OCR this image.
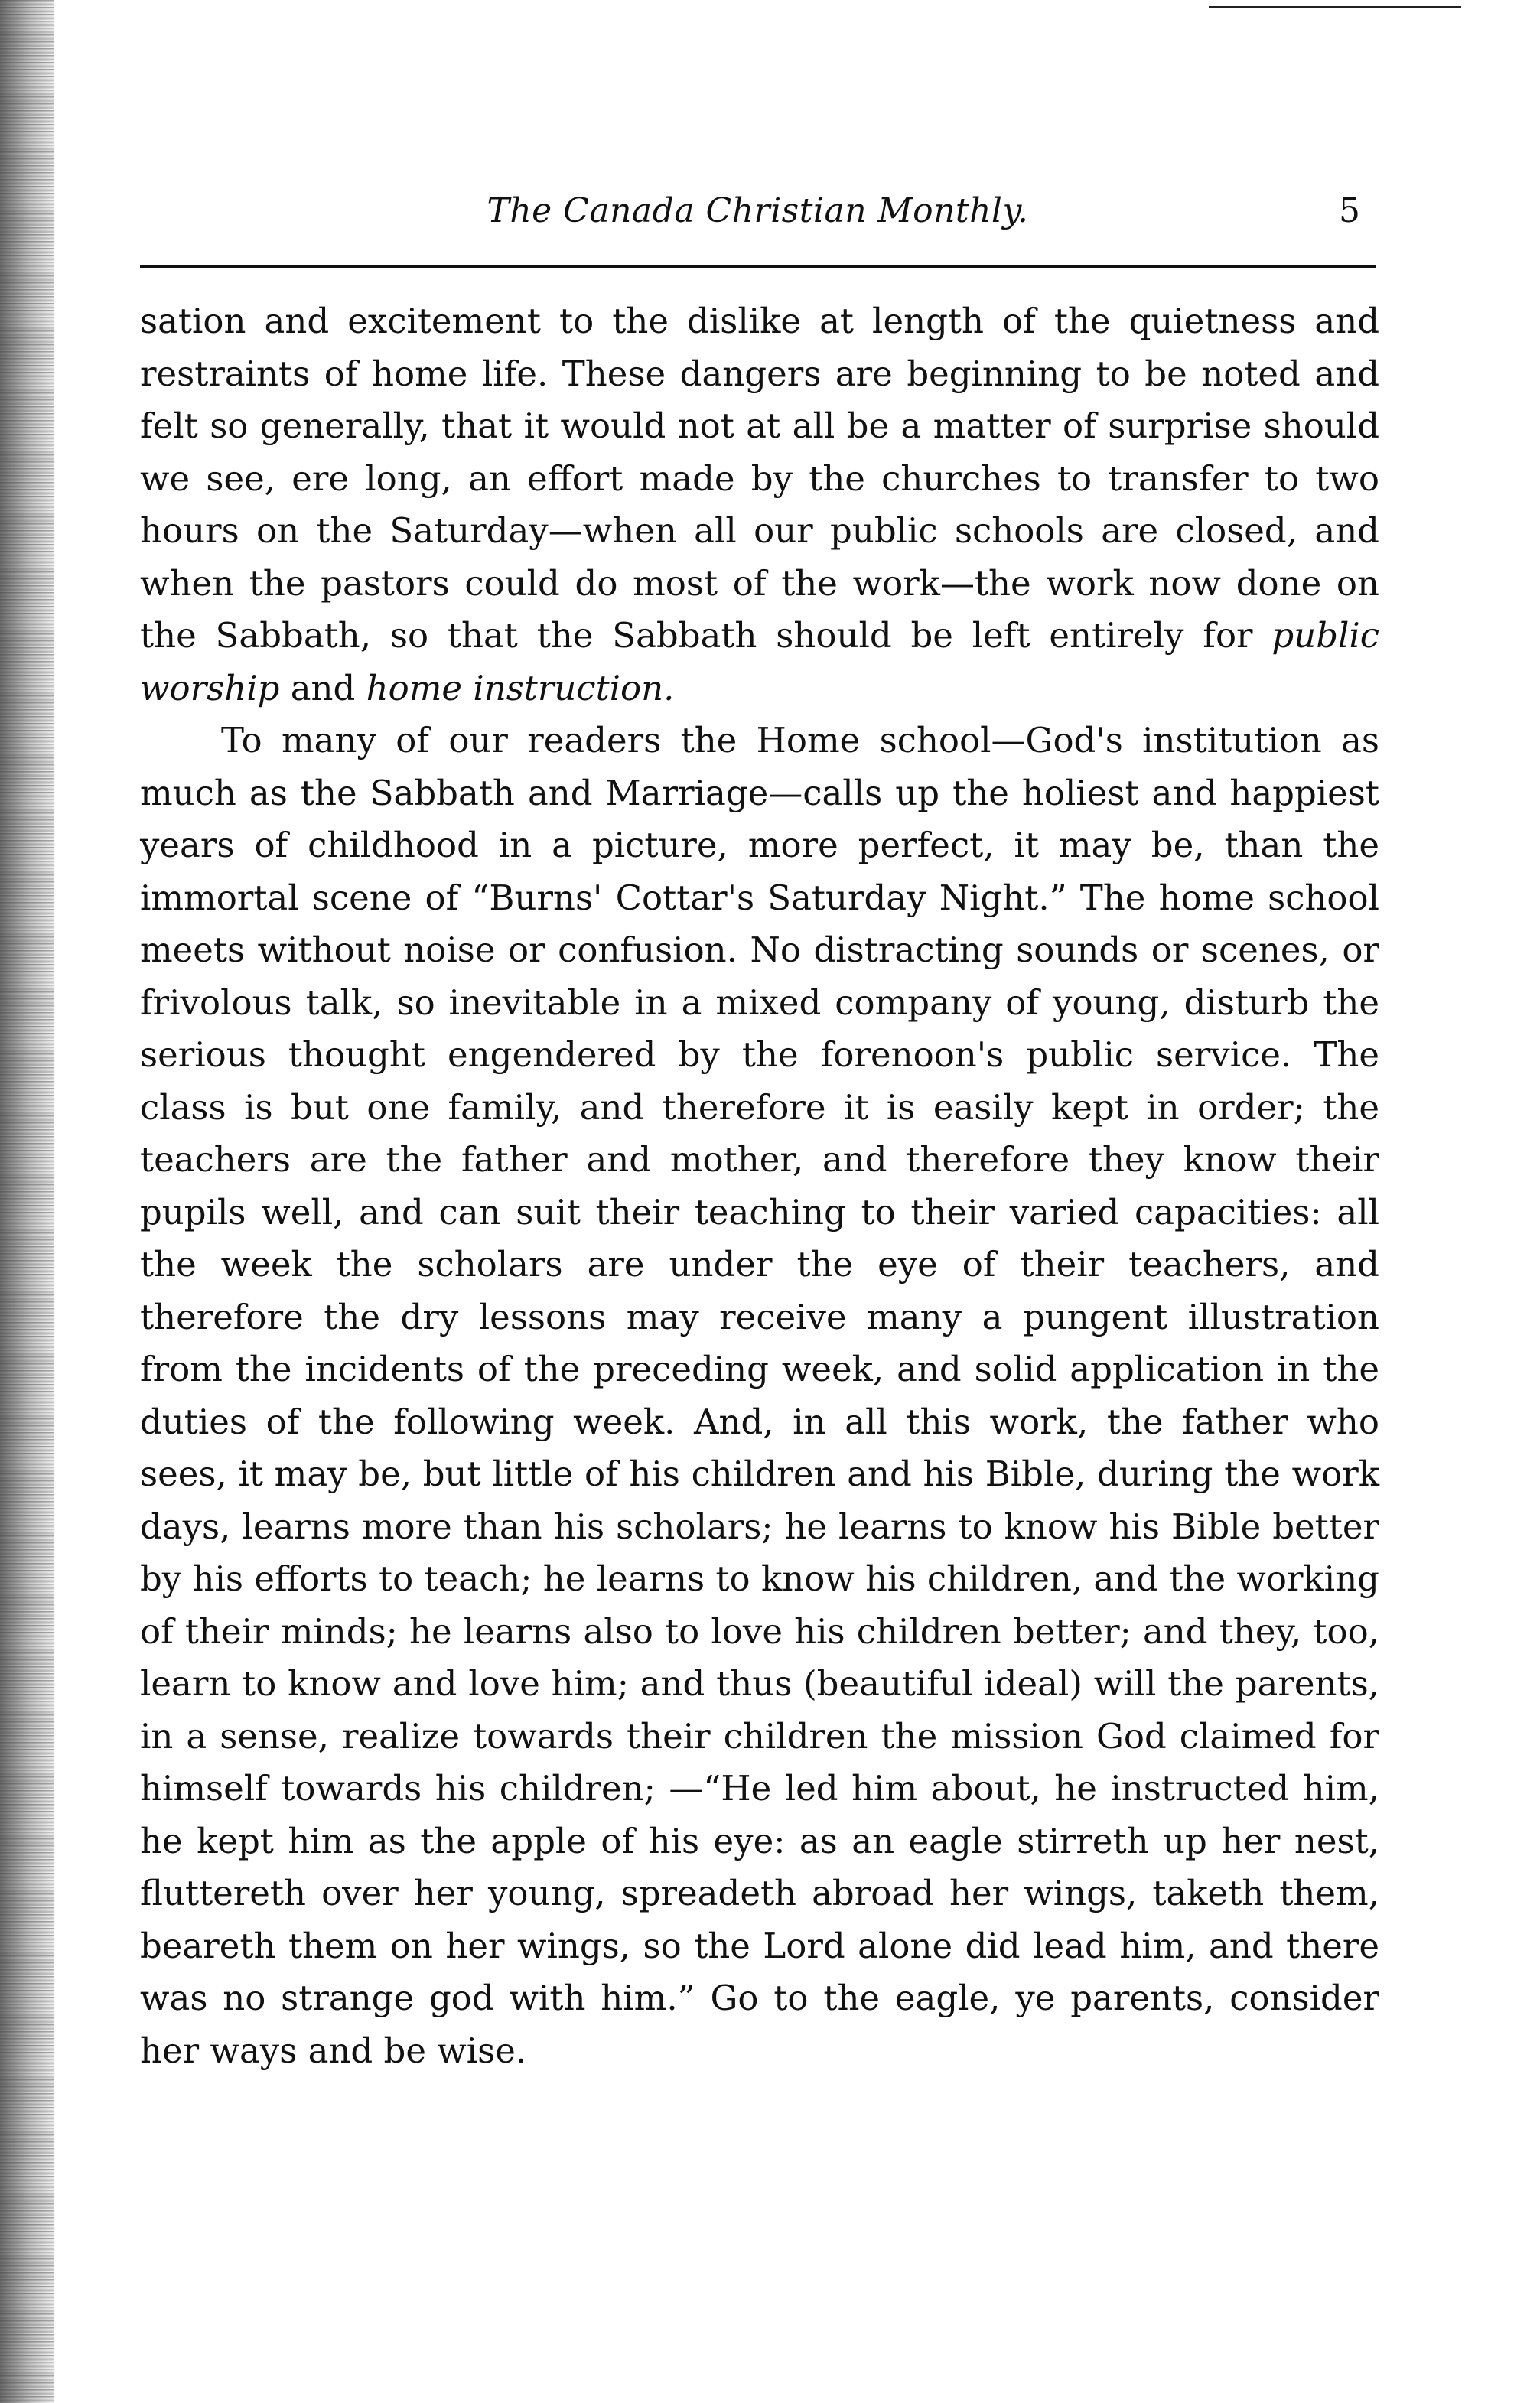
The Canada Christian Monthly.	5

sation and excitement to the dislike at length of the quietness and restraints of home life. These dangers are beginning to be noted and felt so generally, that it would not at all be a matter of surprise should we see, ere long, an effort made by the churches to transfer to two hours on the Saturday—when all our public schools are closed, and when the pastors could do most of the work—the work now done on the Sabbath, so that the Sabbath should be left entirely for public worship and home instruction.

To many of our readers the Home school—God's institution as much as the Sabbath and Marriage—calls up the holiest and happiest years of childhood in a picture, more perfect, it may be, than the immortal scene of “Burns' Cottar's Saturday Night.” The home school meets without noise or confusion. No distracting sounds or scenes, or frivolous talk, so inevitable in a mixed company of young, disturb the serious thought engendered by the forenoon's public service. The class is but one family, and therefore it is easily kept in order; the teachers are the father and mother, and therefore they know their pupils well, and can suit their teaching to their varied capacities: all the week the scholars are under the eye of their teachers, and therefore the dry lessons may receive many a pungent illustration from the incidents of the preceding week, and solid application in the duties of the following week. And, in all this work, the father who sees, it may be, but little of his children and his Bible, during the work days, learns more than his scholars; he learns to know his Bible better by his efforts to teach; he learns to know his children, and the working of their minds; he learns also to love his children better; and they, too, learn to know and love him; and thus (beautiful ideal) will the parents, in a sense, realize towards their children the mission God claimed for himself towards his children; —“He led him about, he instructed him, he kept him as the apple of his eye: as an eagle stirreth up her nest, fluttereth over her young, spreadeth abroad her wings, taketh them, beareth them on her wings, so the Lord alone did lead him, and there was no strange god with him.” Go to the eagle, ye parents, consider her ways and be wise.
